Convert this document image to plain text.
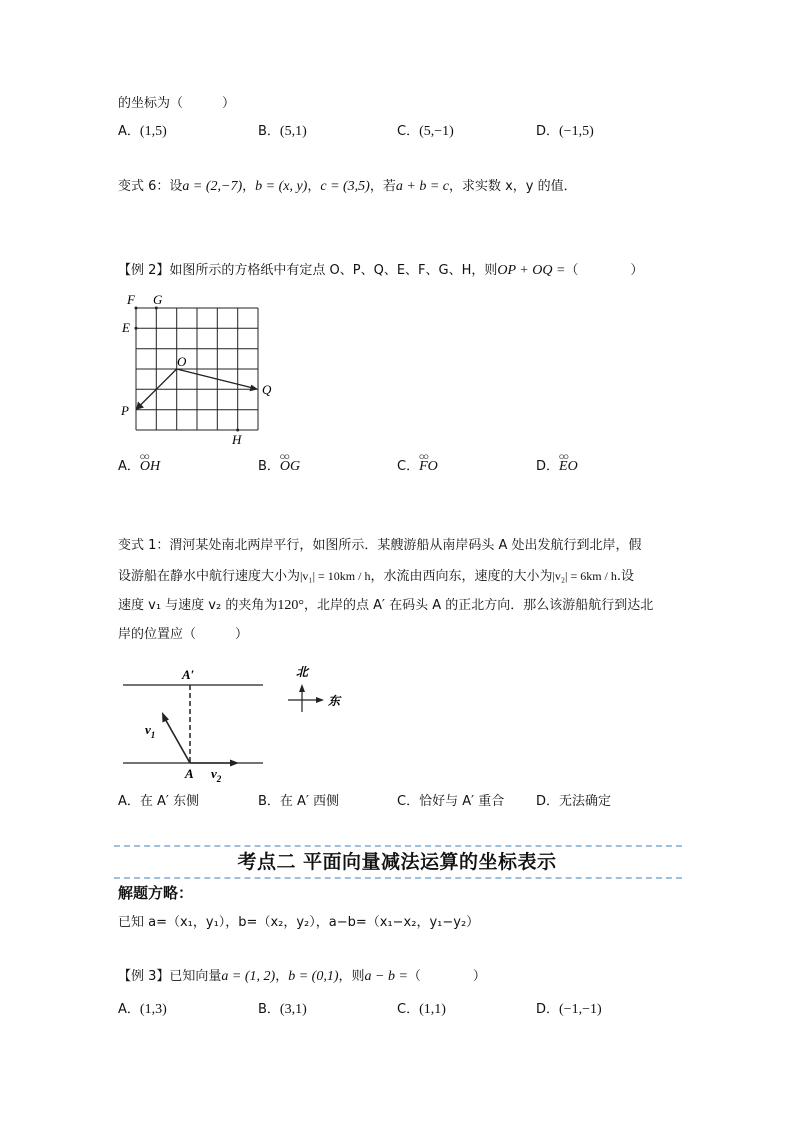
的坐标为（　　　）
A．(1,5)	B．(5,1)	C．(5,−1)	D．(−1,5)
变式 6：设a = (2,−7)，b = (x, y)，c = (3,5)，若a + b = c，求实数 x，y 的值．
【例 2】如图所示的方格纸中有定点 O、P、Q、E、F、G、H，则OP + OQ =（　　　　）
F G
E
O
Q
P
H
A．ⵔⵔ OH	B．ⵔⵔ OG	C．ⵔⵔ FO	D．ⵔⵔ EO
变式 1：渭河某处南北两岸平行，如图所示．某艘游船从南岸码头 A 处出发航行到北岸，假
设游船在静水中航行速度大小为|v₁| = 10km / h，水流由西向东，速度的大小为|v₂| = 6km / h.设
速度 v₁ 与速度 v₂ 的夹角为120°，北岸的点 A′ 在码头 A 的正北方向．那么该游船航行到达北
岸的位置应（　　　）
A′
A
$v_1$
$v_2$
北
东
A．在 A′ 东侧	B．在 A′ 西侧	C．恰好与 A′ 重合 D．无法确定
考点二 平面向量减法运算的坐标表示
解题方略：
已知 a=（x₁，y₁），b=（x₂，y₂），a−b=（x₁−x₂，y₁−y₂）
【例 3】已知向量a = (1, 2)，b = (0,1)，则a − b =（　　　　）
A．(1,3)	B．(3,1)	C．(1,1)	D．(−1,−1)
